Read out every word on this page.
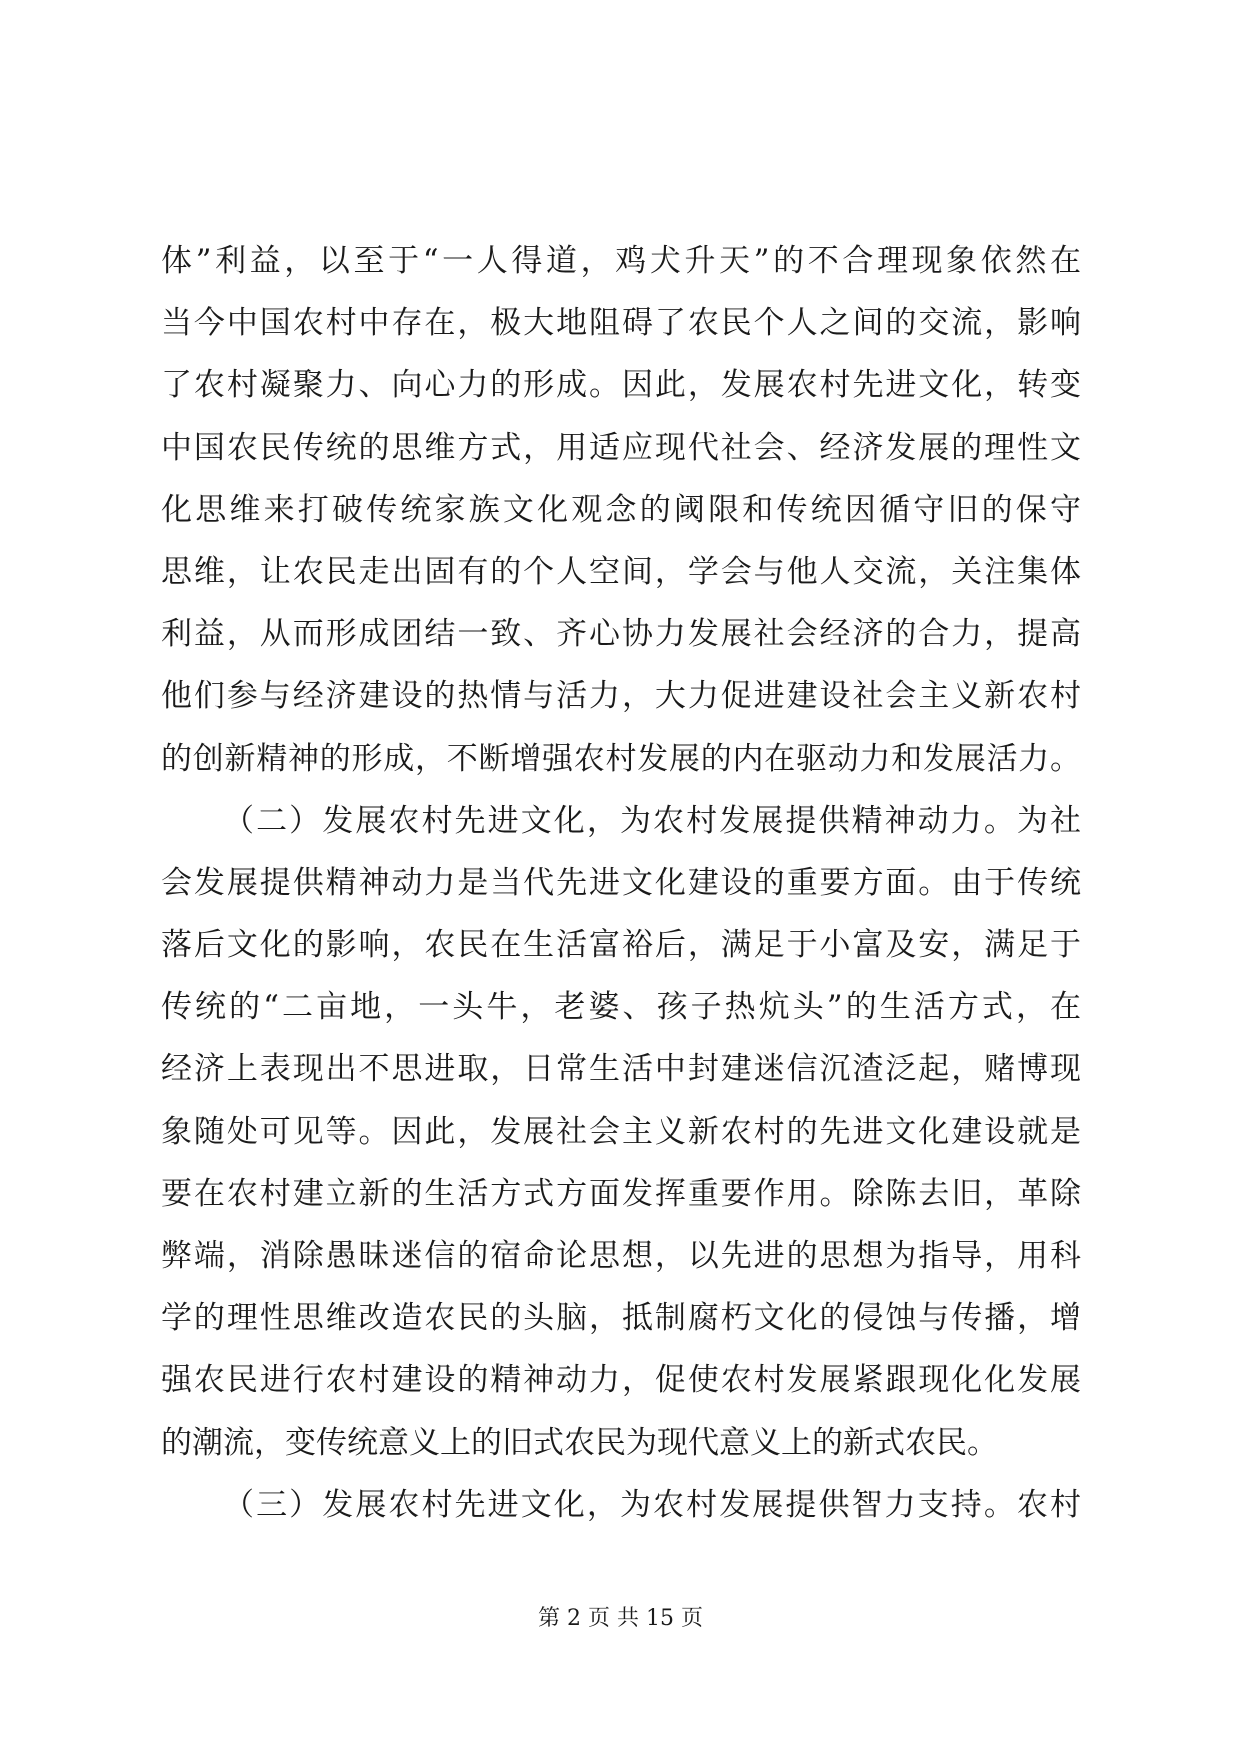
体”利益，以至于“一人得道，鸡犬升天”的不合理现象依然在
当今中国农村中存在，极大地阻碍了农民个人之间的交流，影响
了农村凝聚力、向心力的形成。因此，发展农村先进文化，转变
中国农民传统的思维方式，用适应现代社会、经济发展的理性文
化思维来打破传统家族文化观念的阈限和传统因循守旧的保守
思维，让农民走出固有的个人空间，学会与他人交流，关注集体
利益，从而形成团结一致、齐心协力发展社会经济的合力，提高
他们参与经济建设的热情与活力，大力促进建设社会主义新农村
的创新精神的形成，不断增强农村发展的内在驱动力和发展活力。
（二）发展农村先进文化，为农村发展提供精神动力。为社
会发展提供精神动力是当代先进文化建设的重要方面。由于传统
落后文化的影响，农民在生活富裕后，满足于小富及安，满足于
传统的“二亩地，一头牛，老婆、孩子热炕头”的生活方式，在
经济上表现出不思进取，日常生活中封建迷信沉渣泛起，赌博现
象随处可见等。因此，发展社会主义新农村的先进文化建设就是
要在农村建立新的生活方式方面发挥重要作用。除陈去旧，革除
弊端，消除愚昧迷信的宿命论思想，以先进的思想为指导，用科
学的理性思维改造农民的头脑，抵制腐朽文化的侵蚀与传播，增
强农民进行农村建设的精神动力，促使农村发展紧跟现化化发展
的潮流，变传统意义上的旧式农民为现代意义上的新式农民。
（三）发展农村先进文化，为农村发展提供智力支持。农村
第 2 页 共 15 页
